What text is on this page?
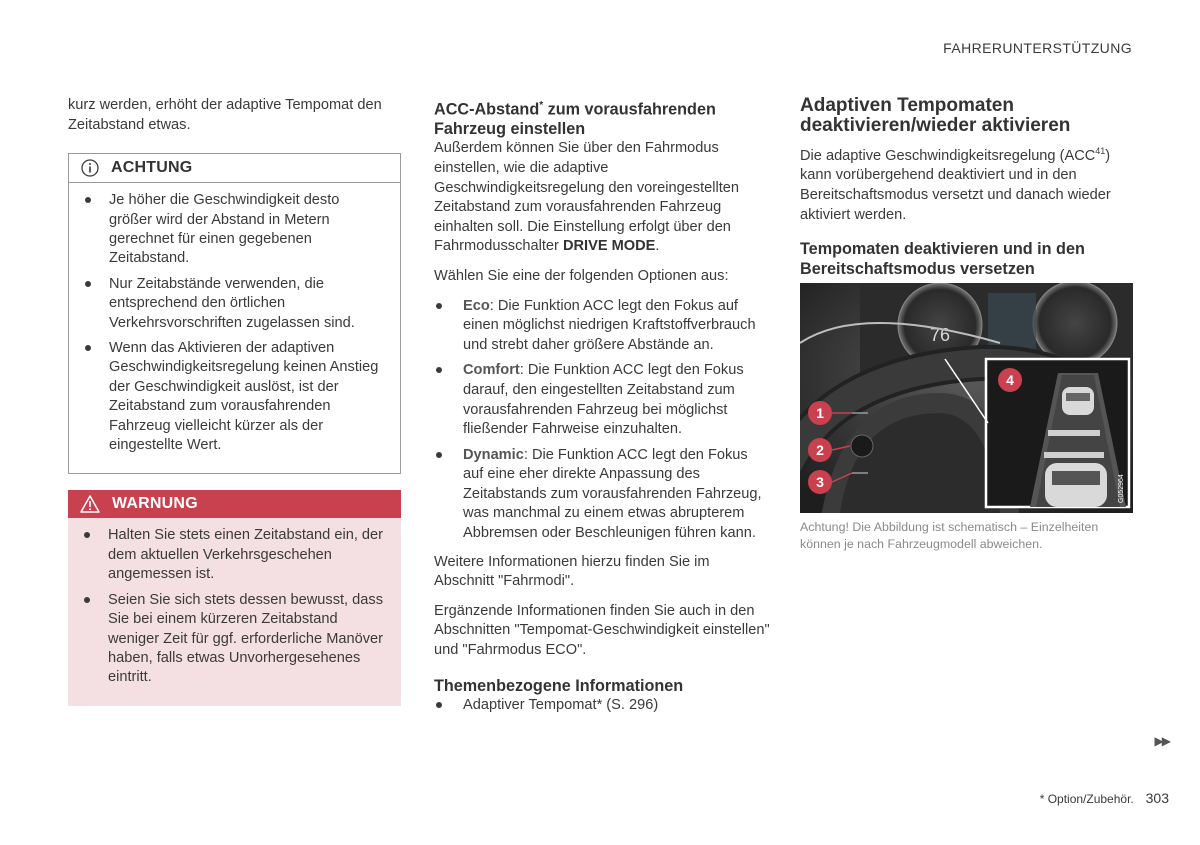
FAHRERUNTERSTÜTZUNG

kurz werden, erhöht der adaptive Tempomat den Zeitabstand etwas.

ACHTUNG
Je höher die Geschwindigkeit desto größer wird der Abstand in Metern gerechnet für einen gegebenen Zeitabstand.
Nur Zeitabstände verwenden, die entsprechend den örtlichen Verkehrsvorschriften zugelassen sind.
Wenn das Aktivieren der adaptiven Geschwindigkeitsregelung keinen Anstieg der Geschwindigkeit auslöst, ist der Zeitabstand zum vorausfahrenden Fahrzeug vielleicht kürzer als der eingestellte Wert.
WARNUNG
Halten Sie stets einen Zeitabstand ein, der dem aktuellen Verkehrsgeschehen angemessen ist.
Seien Sie sich stets dessen bewusst, dass Sie bei einem kürzeren Zeitabstand weniger Zeit für ggf. erforderliche Manöver haben, falls etwas Unvorhergesehenes eintritt.
ACC-Abstand* zum vorausfahrenden Fahrzeug einstellen

Außerdem können Sie über den Fahrmodus einstellen, wie die adaptive Geschwindigkeitsregelung den voreingestellten Zeitabstand zum vorausfahrenden Fahrzeug einhalten soll. Die Einstellung erfolgt über den Fahrmodusschalter DRIVE MODE.

Wählen Sie eine der folgenden Optionen aus:

Eco: Die Funktion ACC legt den Fokus auf einen möglichst niedrigen Kraftstoffverbrauch und strebt daher größere Abstände an.
Comfort: Die Funktion ACC legt den Fokus darauf, den eingestellten Zeitabstand zum vorausfahrenden Fahrzeug bei möglichst fließender Fahrweise einzuhalten.
Dynamic: Die Funktion ACC legt den Fokus auf eine eher direkte Anpassung des Zeitabstands zum vorausfahrenden Fahrzeug, was manchmal zu einem etwas abrupterem Abbremsen oder Beschleunigen führen kann.

Weitere Informationen hierzu finden Sie im Abschnitt "Fahrmodi".

Ergänzende Informationen finden Sie auch in den Abschnitten "Tempomat-Geschwindigkeit einstellen" und "Fahrmodus ECO".

Themenbezogene Informationen
Adaptiver Tempomat* (S. 296)
Adaptiven Tempomaten deaktivieren/wieder aktivieren

Die adaptive Geschwindigkeitsregelung (ACC$^{41}$) kann vorübergehend deaktiviert und in den Bereitschaftsmodus versetzt und danach wieder aktiviert werden.

Tempomaten deaktivieren und in den Bereitschaftsmodus versetzen
76
G052964
1
2
3
4
Achtung! Die Abbildung ist schematisch – Einzelheiten können je nach Fahrzeugmodell abweichen.
▶▶
* Option/Zubehör. 303
